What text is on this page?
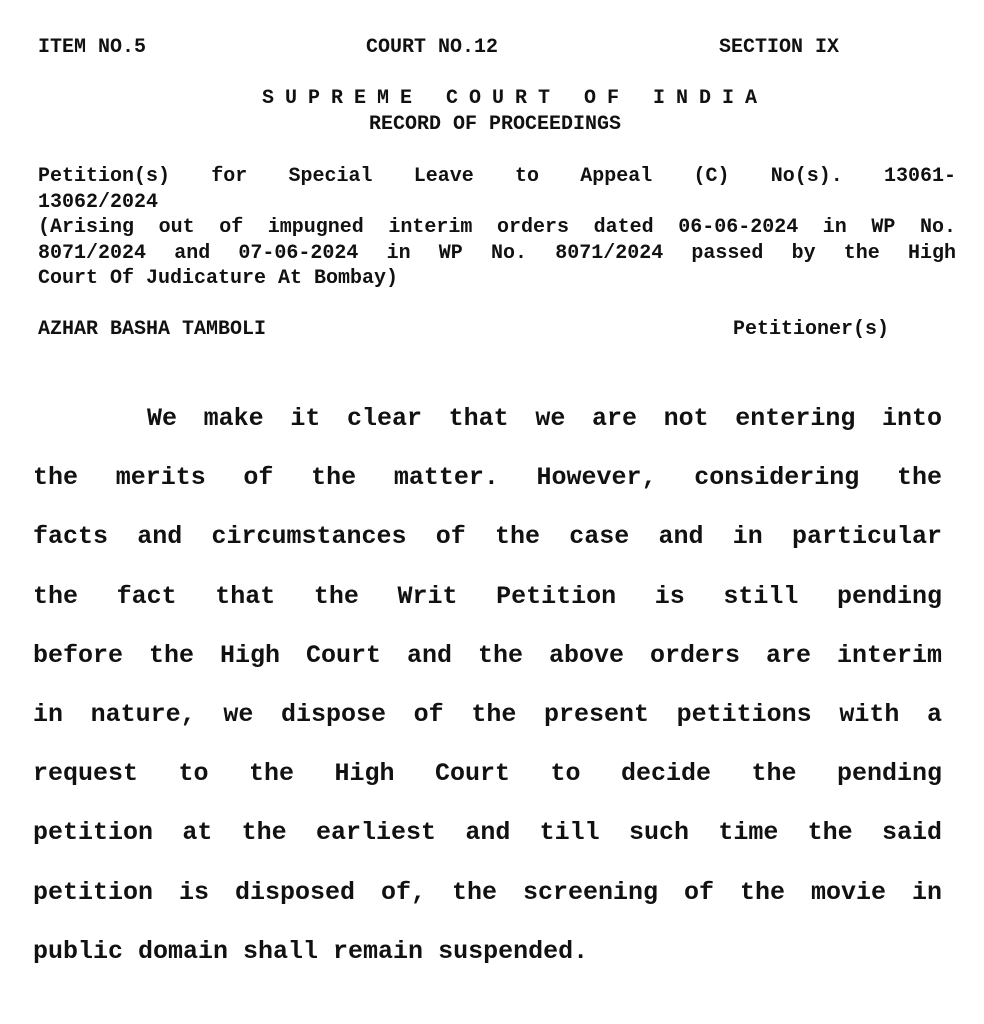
ITEM NO.5	COURT NO.12	SECTION IX
SUPREME COURT OF INDIA
RECORD OF PROCEEDINGS
Petition(s) for Special Leave to Appeal (C) No(s). 13061-
13062/2024
(Arising out of impugned interim orders dated 06-06-2024 in WP No.
8071/2024 and 07-06-2024 in WP No. 8071/2024 passed by the High
Court Of Judicature At Bombay)
AZHAR BASHA TAMBOLI	Petitioner(s)
We make it clear that we are not entering into
the merits of the matter. However, considering the
facts and circumstances of the case and in particular
the fact that the Writ Petition is still pending
before the High Court and the above orders are interim
in nature, we dispose of the present petitions with a
request to the High Court to decide the pending
petition at the earliest and till such time the said
petition is disposed of, the screening of the movie in
public domain shall remain suspended.
